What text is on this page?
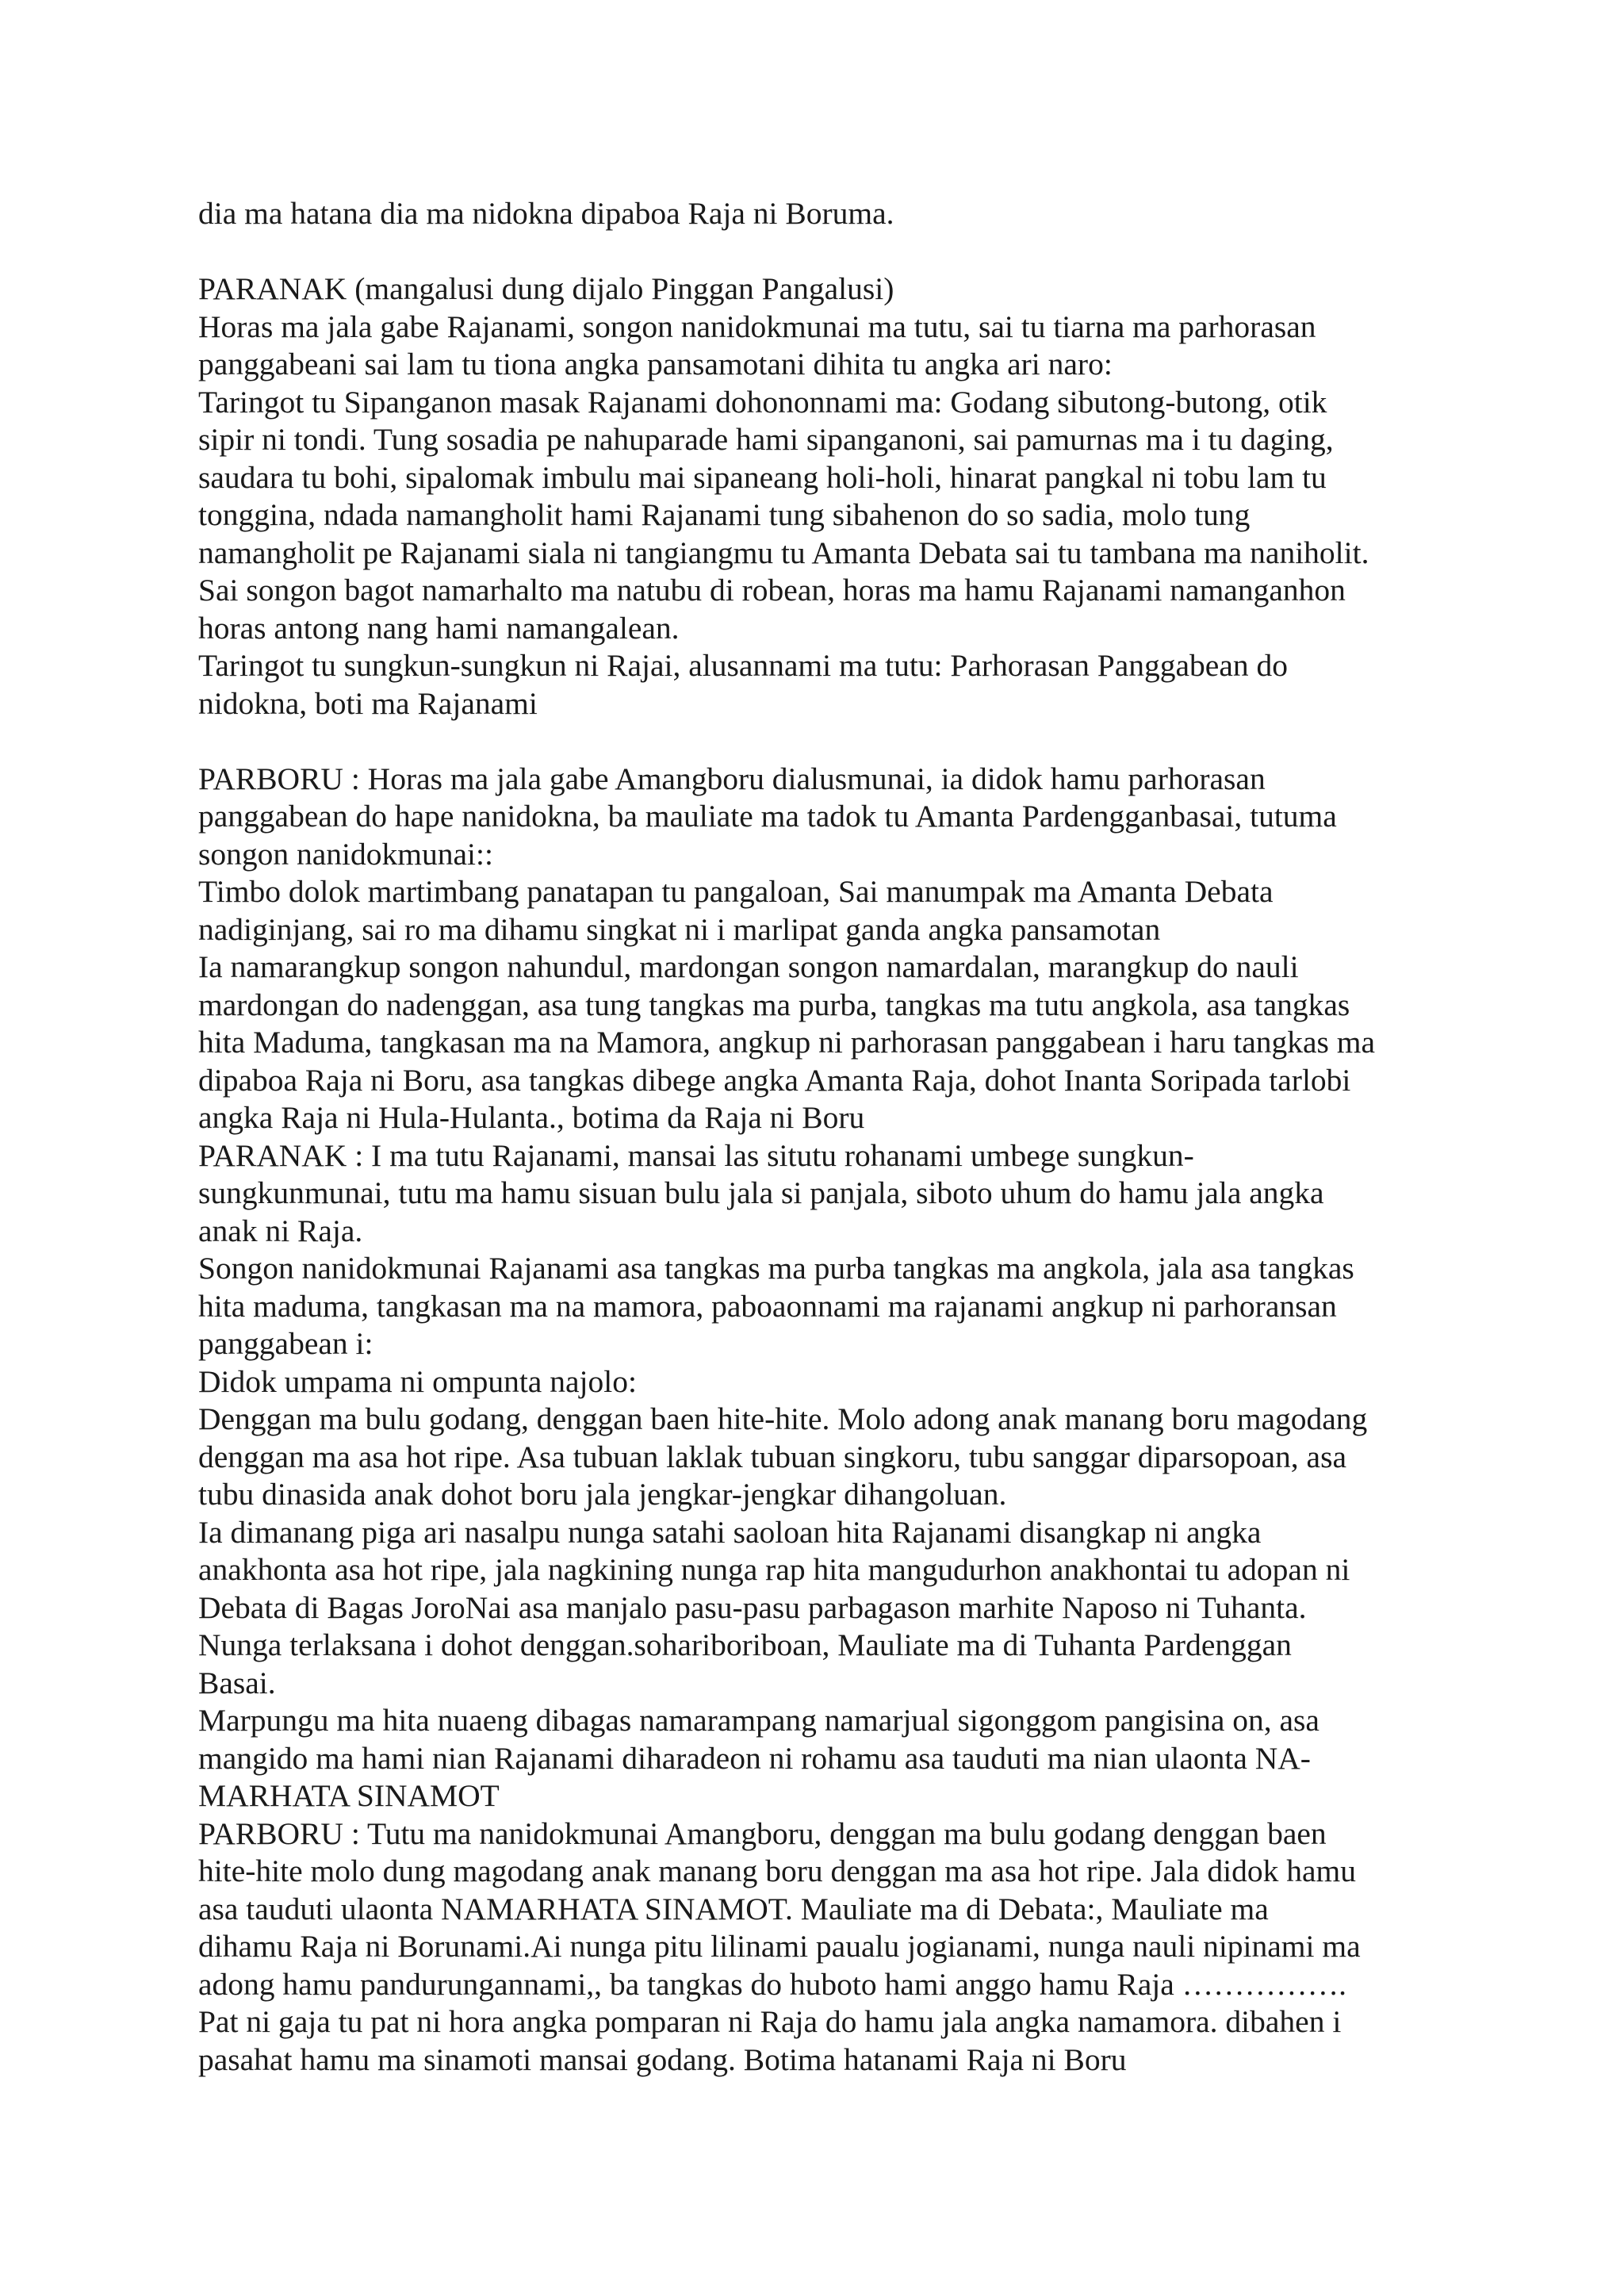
dia ma hatana dia ma nidokna dipaboa Raja ni Boruma.
PARANAK (mangalusi dung dijalo Pinggan Pangalusi)
Horas ma jala gabe Rajanami, songon nanidokmunai ma tutu, sai tu tiarna ma parhorasan
panggabeani sai lam tu tiona angka pansamotani dihita tu angka ari naro:
Taringot tu Sipanganon masak Rajanami dohononnami ma: Godang sibutong-butong, otik
sipir ni tondi. Tung sosadia pe nahuparade hami sipanganoni, sai pamurnas ma i tu daging,
saudara tu bohi, sipalomak imbulu mai sipaneang holi-holi, hinarat pangkal ni tobu lam tu
tonggina, ndada namangholit hami Rajanami tung sibahenon do so sadia, molo tung
namangholit pe Rajanami siala ni tangiangmu tu Amanta Debata sai tu tambana ma naniholit.
Sai songon bagot namarhalto ma natubu di robean, horas ma hamu Rajanami namanganhon
horas antong nang hami namangalean.
Taringot tu sungkun-sungkun ni Rajai, alusannami ma tutu: Parhorasan Panggabean do
nidokna, boti ma Rajanami
PARBORU : Horas ma jala gabe Amangboru dialusmunai, ia didok hamu parhorasan
panggabean do hape nanidokna, ba mauliate ma tadok tu Amanta Pardengganbasai, tutuma
songon nanidokmunai::
Timbo dolok martimbang panatapan tu pangaloan, Sai manumpak ma Amanta Debata
nadiginjang, sai ro ma dihamu singkat ni i marlipat ganda angka pansamotan
Ia namarangkup songon nahundul, mardongan songon namardalan, marangkup do nauli
mardongan do nadenggan, asa tung tangkas ma purba, tangkas ma tutu angkola, asa tangkas
hita Maduma, tangkasan ma na Mamora, angkup ni parhorasan panggabean i haru tangkas ma
dipaboa Raja ni Boru, asa tangkas dibege angka Amanta Raja, dohot Inanta Soripada tarlobi
angka Raja ni Hula-Hulanta., botima da Raja ni Boru
PARANAK : I ma tutu Rajanami, mansai las situtu rohanami umbege sungkun-
sungkunmunai, tutu ma hamu sisuan bulu jala si panjala, siboto uhum do hamu jala angka
anak ni Raja.
Songon nanidokmunai Rajanami asa tangkas ma purba tangkas ma angkola, jala asa tangkas
hita maduma, tangkasan ma na mamora, paboaonnami ma rajanami angkup ni parhoransan
panggabean i:
Didok umpama ni ompunta najolo:
Denggan ma bulu godang, denggan baen hite-hite. Molo adong anak manang boru magodang
denggan ma asa hot ripe. Asa tubuan laklak tubuan singkoru, tubu sanggar diparsopoan, asa
tubu dinasida anak dohot boru jala jengkar-jengkar dihangoluan.
Ia dimanang piga ari nasalpu nunga satahi saoloan hita Rajanami disangkap ni angka
anakhonta asa hot ripe, jala nagkining nunga rap hita mangudurhon anakhontai tu adopan ni
Debata di Bagas JoroNai asa manjalo pasu-pasu parbagason marhite Naposo ni Tuhanta.
Nunga terlaksana i dohot denggan.sohariboriboan, Mauliate ma di Tuhanta Pardenggan
Basai.
Marpungu ma hita nuaeng dibagas namarampang namarjual sigonggom pangisina on, asa
mangido ma hami nian Rajanami diharadeon ni rohamu asa tauduti ma nian ulaonta NA-
MARHATA SINAMOT
PARBORU : Tutu ma nanidokmunai Amangboru, denggan ma bulu godang denggan baen
hite-hite molo dung magodang anak manang boru denggan ma asa hot ripe. Jala didok hamu
asa tauduti ulaonta NAMARHATA SINAMOT. Mauliate ma di Debata:, Mauliate ma
dihamu Raja ni Borunami.Ai nunga pitu lilinami paualu jogianami, nunga nauli nipinami ma
adong hamu pandurungannami,, ba tangkas do huboto hami anggo hamu Raja …………….
Pat ni gaja tu pat ni hora angka pomparan ni Raja do hamu jala angka namamora. dibahen i
pasahat hamu ma sinamoti mansai godang. Botima hatanami Raja ni Boru
